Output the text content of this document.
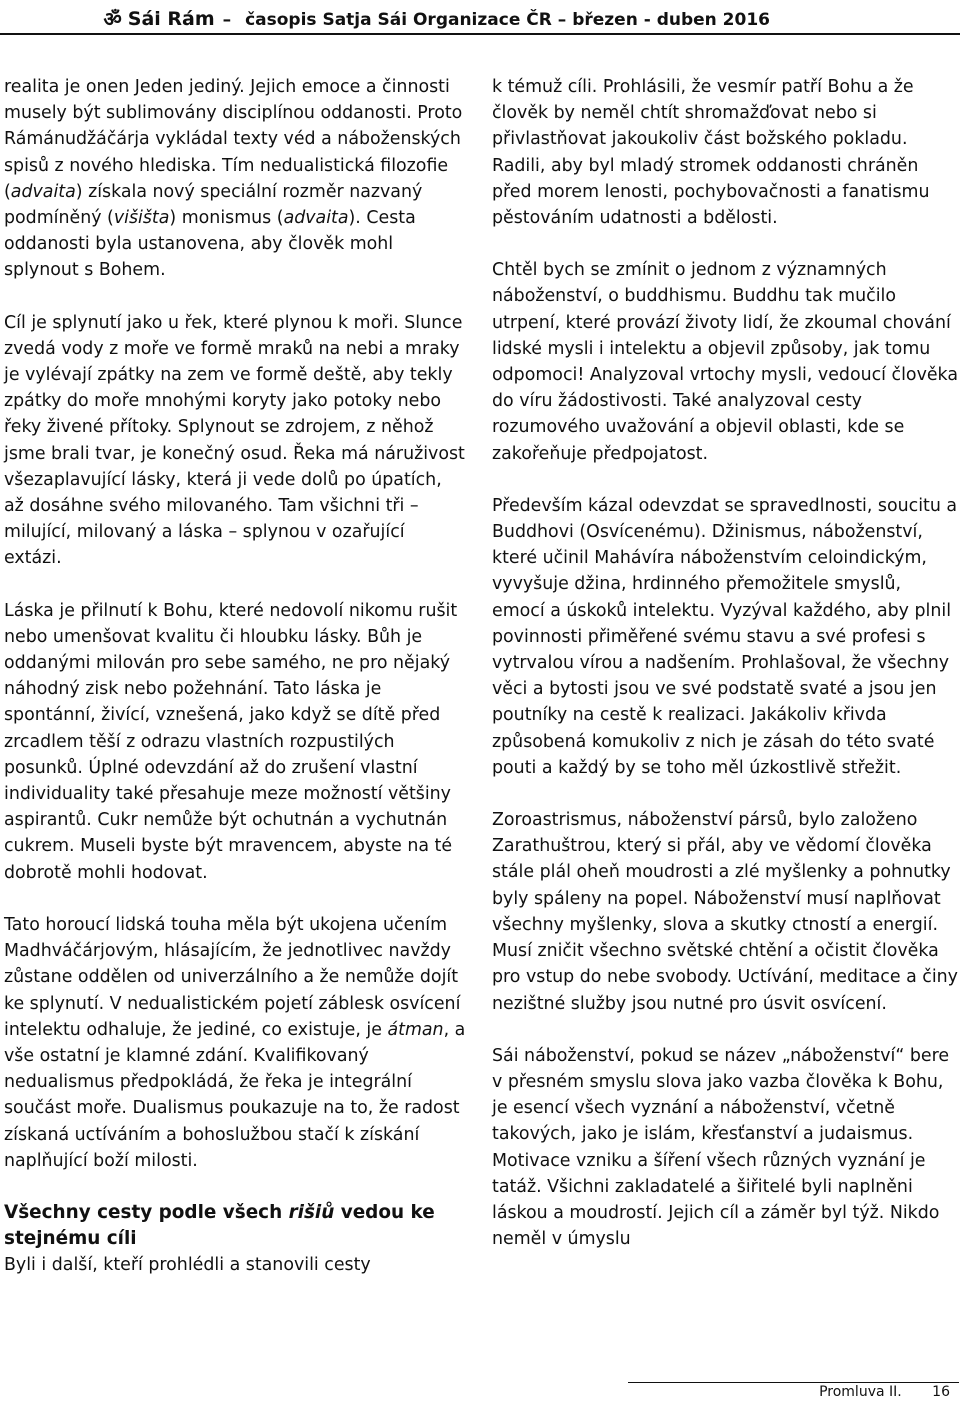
ॐ Sái Rám – časopis Satja Sái Organizace ČR – březen - duben 2016

realita je onen Jeden jediný. Jejich emoce a činnosti musely být sublimovány disciplínou oddanosti. Proto Rámánudžáčárja vykládal texty véd a náboženských spisů z nového hlediska. Tím nedualistická filozofie (advaita) získala nový speciální rozměr nazvaný podmíněný (višišta) monismus (advaita). Cesta oddanosti byla ustanovena, aby člověk mohl splynout s Bohem.

Cíl je splynutí jako u řek, které plynou k moři. Slunce zvedá vody z moře ve formě mraků na nebi a mraky je vylévají zpátky na zem ve formě deště, aby tekly zpátky do moře mnohými koryty jako potoky nebo řeky živené přítoky. Splynout se zdrojem, z něhož jsme brali tvar, je konečný osud. Řeka má náruživost všezaplavující lásky, která ji vede dolů po úpatích, až dosáhne svého milovaného. Tam všichni tři – milující, milovaný a láska – splynou v ozařující extázi.

Láska je přilnutí k Bohu, které nedovolí nikomu rušit nebo umenšovat kvalitu či hloubku lásky. Bůh je oddanými milován pro sebe samého, ne pro nějaký náhodný zisk nebo požehnání. Tato láska je spontánní, živící, vznešená, jako když se dítě před zrcadlem těší z odrazu vlastních rozpustilých posunků. Úplné odevzdání až do zrušení vlastní individuality také přesahuje meze možností většiny aspirantů. Cukr nemůže být ochutnán a vychutnán cukrem. Museli byste být mravencem, abyste na té dobrotě mohli hodovat.

Tato horoucí lidská touha měla být ukojena učením Madhváčárjovým, hlásajícím, že jednotlivec navždy zůstane oddělen od univerzálního a že nemůže dojít ke splynutí. V nedualistickém pojetí záblesk osvícení intelektu odhaluje, že jediné, co existuje, je átman, a vše ostatní je klamné zdání. Kvalifikovaný nedualismus předpokládá, že řeka je integrální součást moře. Dualismus poukazuje na to, že radost získaná uctíváním a bohoslužbou stačí k získání naplňující boží milosti.

Všechny cesty podle všech rišiů vedou ke stejnému cíli

Byli i další, kteří prohlédli a stanovili cesty

k témuž cíli. Prohlásili, že vesmír patří Bohu a že člověk by neměl chtít shromažďovat nebo si přivlastňovat jakoukoliv část božského pokladu. Radili, aby byl mladý stromek oddanosti chráněn před morem lenosti, pochybovačnosti a fanatismu pěstováním udatnosti a bdělosti.

Chtěl bych se zmínit o jednom z významných náboženství, o buddhismu. Buddhu tak mučilo utrpení, které provází životy lidí, že zkoumal chování lidské mysli i intelektu a objevil způsoby, jak tomu odpomoci! Analyzoval vrtochy mysli, vedoucí člověka do víru žádostivosti. Také analyzoval cesty rozumového uvažování a objevil oblasti, kde se zakořeňuje předpojatost.

Především kázal odevzdat se spravedlnosti, soucitu a Buddhovi (Osvícenému). Džinismus, náboženství, které učinil Mahávíra náboženstvím celoindickým, vyvyšuje džina, hrdinného přemožitele smyslů, emocí a úskoků intelektu. Vyzýval každého, aby plnil povinnosti přiměřené svému stavu a své profesi s vytrvalou vírou a nadšením. Prohlašoval, že všechny věci a bytosti jsou ve své podstatě svaté a jsou jen poutníky na cestě k realizaci. Jakákoliv křivda způsobená komukoliv z nich je zásah do této svaté pouti a každý by se toho měl úzkostlivě střežit.

Zoroastrismus, náboženství pársů, bylo založeno Zarathuštrou, který si přál, aby ve vědomí člověka stále plál oheň moudrosti a zlé myšlenky a pohnutky byly spáleny na popel. Náboženství musí naplňovat všechny myšlenky, slova a skutky ctností a energií. Musí zničit všechno světské chtění a očistit člověka pro vstup do nebe svobody. Uctívání, meditace a činy nezištné služby jsou nutné pro úsvit osvícení.

Sái náboženství, pokud se název „náboženství“ bere v přesném smyslu slova jako vazba člověka k Bohu, je esencí všech vyznání a náboženství, včetně takových, jako je islám, křesťanství a judaismus. Motivace vzniku a šíření všech různých vyznání je tatáž. Všichni zakladatelé a šiřitelé byli naplněni láskou a moudrostí. Jejich cíl a záměr byl týž. Nikdo neměl v úmyslu

Promluva II. 16
